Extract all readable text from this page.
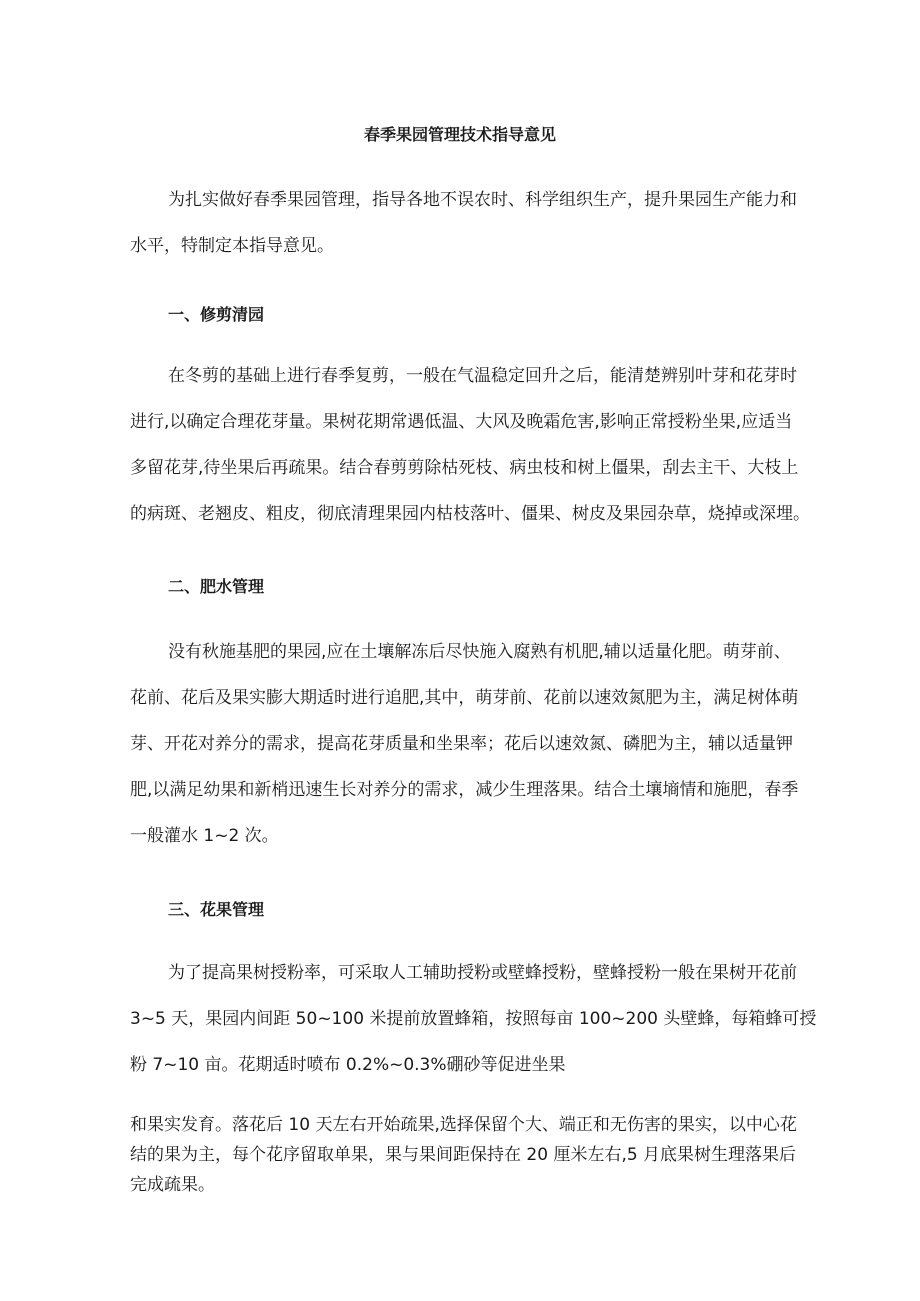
春季果园管理技术指导意见
为扎实做好春季果园管理，指导各地不误农时、科学组织生产，提升果园生产能力和
水平，特制定本指导意见。
一、修剪清园
在冬剪的基础上进行春季复剪，一般在气温稳定回升之后，能清楚辨别叶芽和花芽时
进行,以确定合理花芽量。果树花期常遇低温、大风及晚霜危害,影响正常授粉坐果,应适当
多留花芽,待坐果后再疏果。结合春剪剪除枯死枝、病虫枝和树上僵果，刮去主干、大枝上
的病斑、老翘皮、粗皮，彻底清理果园内枯枝落叶、僵果、树皮及果园杂草，烧掉或深埋。
二、肥水管理
没有秋施基肥的果园,应在土壤解冻后尽快施入腐熟有机肥,辅以适量化肥。萌芽前、
花前、花后及果实膨大期适时进行追肥,其中，萌芽前、花前以速效氮肥为主，满足树体萌
芽、开花对养分的需求，提高花芽质量和坐果率；花后以速效氮、磷肥为主，辅以适量钾
肥,以满足幼果和新梢迅速生长对养分的需求，减少生理落果。结合土壤墒情和施肥，春季
一般灌水 1~2 次。
三、花果管理
为了提高果树授粉率，可采取人工辅助授粉或壁蜂授粉，壁蜂授粉一般在果树开花前
3~5 天，果园内间距 50~100 米提前放置蜂箱，按照每亩 100~200 头壁蜂，每箱蜂可授
粉 7~10 亩。花期适时喷布 0.2%~0.3%硼砂等促进坐果
和果实发育。落花后 10 天左右开始疏果,选择保留个大、端正和无伤害的果实，以中心花
结的果为主，每个花序留取单果，果与果间距保持在 20 厘米左右,5 月底果树生理落果后
完成疏果。
